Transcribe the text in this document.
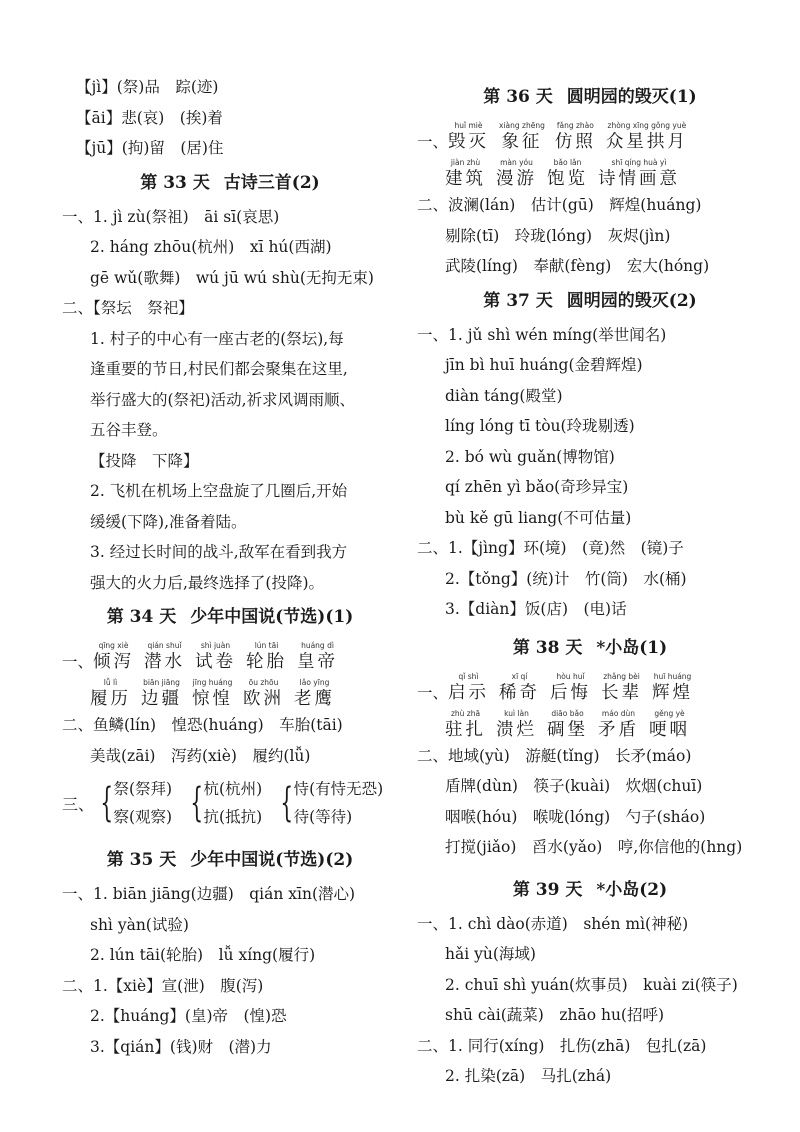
【jì】(祭)品　踪(迹)
【āi】悲(哀)　(挨)着
【jū】(拘)留　(居)住
第 33 天 古诗三首(2)
一、1. jì zù(祭祖)　āi sī(哀思)
2. háng zhōu(杭州)　xī hú(西湖)
gē wǔ(歌舞)　wú jū wú shù(无拘无束)
二、【祭坛　祭祀】
1. 村子的中心有一座古老的(祭坛),每
逢重要的节日,村民们都会聚集在这里,
举行盛大的(祭祀)活动,祈求风调雨顺、
五谷丰登。
【投降　下降】
2. 飞机在机场上空盘旋了几圈后,开始
缓缓(下降),准备着陆。
3. 经过长时间的战斗,敌军在看到我方
强大的火力后,最终选择了(投降)。
第 34 天 少年中国说(节选)(1)
一、
qīng xiè
倾泻
qián shuǐ
潜水
shì juàn
试卷
lún tāi
轮胎
huáng dì
皇帝
lǚ lì
履历
biān jiāng
边疆
jīng huáng
惊惶
ōu zhōu
欧洲
lǎo yīng
老鹰
二、鱼鳞(lín)　惶恐(huáng)　车胎(tāi)
美哉(zāi)　泻药(xiè)　履约(lǚ)
三、 { 祭(祭拜)
察(观察) { 杭(杭州)
抗(抵抗) { 恃(有恃无恐)
待(等待)
第 35 天 少年中国说(节选)(2)
一、1. biān jiāng(边疆)　qián xīn(潜心)
shì yàn(试验)
2. lún tāi(轮胎)　lǚ xíng(履行)
二、1.【xiè】宣(泄)　腹(泻)
2.【huáng】(皇)帝　(惶)恐
3.【qián】(钱)财　(潜)力
第 36 天 圆明园的毁灭(1)
一、
huǐ miè
毁灭
xiàng zhēng
象征
fǎng zhào
仿照
zhòng xīng gǒng yuè
众星拱月
jiàn zhù
建筑
màn yóu
漫游
bǎo lǎn
饱览
shī qíng huà yì
诗情画意
二、波澜(lán)　估计(gū)　辉煌(huáng)
剔除(tī)　玲珑(lóng)　灰烬(jìn)
武陵(líng)　奉献(fèng)　宏大(hóng)
第 37 天 圆明园的毁灭(2)
一、1. jǔ shì wén míng(举世闻名)
jīn bì huī huáng(金碧辉煌)
diàn táng(殿堂)
líng lóng tī tòu(玲珑剔透)
2. bó wù guǎn(博物馆)
qí zhēn yì bǎo(奇珍异宝)
bù kě gū liang(不可估量)
二、1.【jìng】环(境)　(竟)然　(镜)子
2.【tǒng】(统)计　竹(筒)　水(桶)
3.【diàn】饭(店)　(电)话
第 38 天 *小岛(1)
一、
qǐ shì
启示
xī qí
稀奇
hòu huǐ
后悔
zhǎng bèi
长辈
huī huáng
辉煌
zhù zhā
驻扎
kuì làn
溃烂
diāo bǎo
碉堡
máo dùn
矛盾
gěng yè
哽咽
二、地域(yù)　游艇(tǐng)　长矛(máo)
盾牌(dùn)　筷子(kuài)　炊烟(chuī)
咽喉(hóu)　喉咙(lóng)　勺子(sháo)
打搅(jiǎo)　舀水(yǎo)　哼,你信他的(hng)
第 39 天 *小岛(2)
一、1. chì dào(赤道)　shén mì(神秘)
hǎi yù(海域)
2. chuī shì yuán(炊事员)　kuài zi(筷子)
shū cài(蔬菜)　zhāo hu(招呼)
二、1. 同行(xíng)　扎伤(zhā)　包扎(zā)
2. 扎染(zā)　马扎(zhá)
